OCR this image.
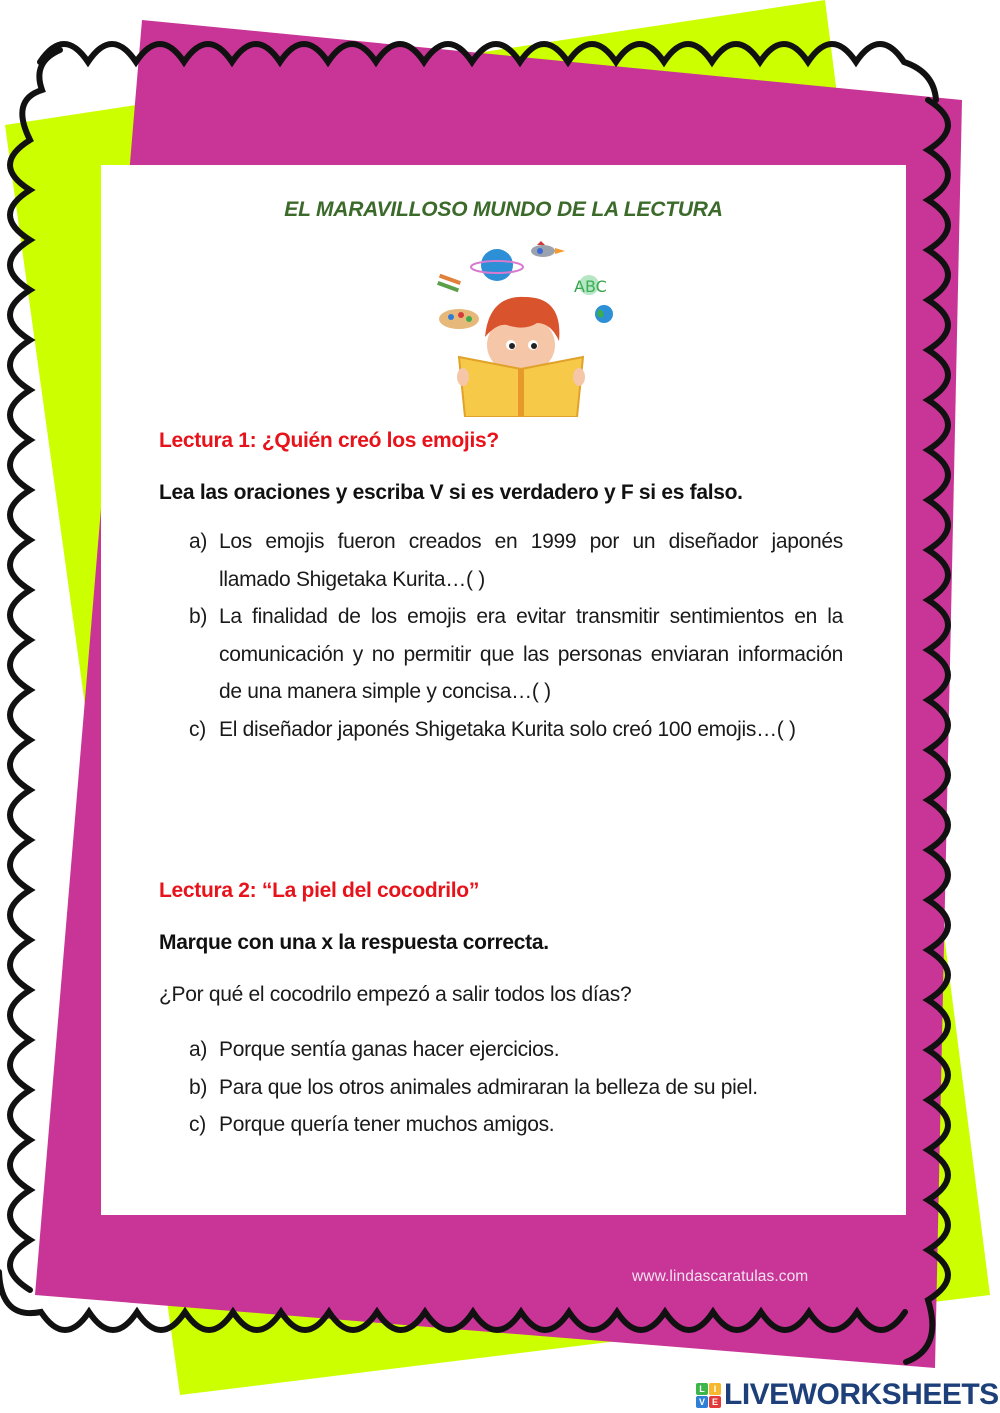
EL MARAVILLOSO MUNDO DE LA LECTURA
ABC
Lectura 1: ¿Quién creó los emojis?
Lea las oraciones y escriba V si es verdadero y F si es falso.
a) Los emojis fueron creados en 1999 por un diseñador japonés llamado Shigetaka Kurita…( )
b) La finalidad de los emojis era evitar transmitir sentimientos en la comunicación y no permitir que las personas enviaran información de una manera simple y concisa…( )
c) El diseñador japonés Shigetaka Kurita solo creó 100 emojis…( )
Lectura 2: “La piel del cocodrilo”
Marque con una x la respuesta correcta.
¿Por qué el cocodrilo empezó a salir todos los días?
a) Porque sentía ganas hacer ejercicios.
b) Para que los otros animales admiraran la belleza de su piel.
c) Porque quería tener muchos amigos.
www.lindascaratulas.com
L I
V E LIVEWORKSHEETS
